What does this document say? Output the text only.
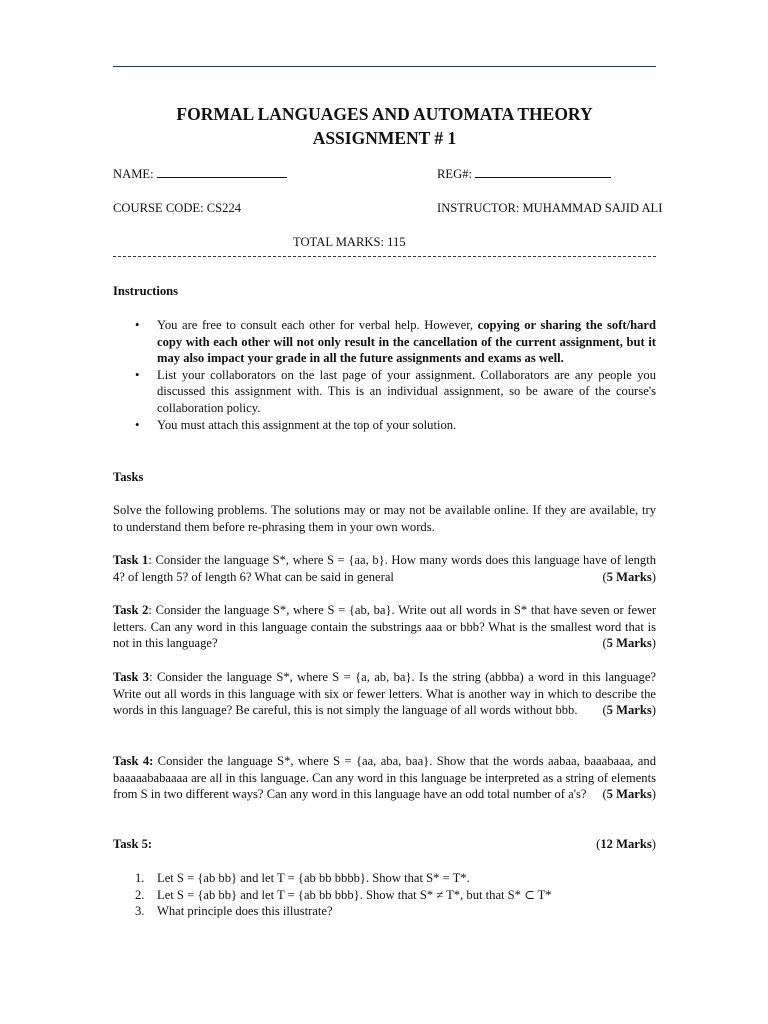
FORMAL LANGUAGES AND AUTOMATA THEORY
ASSIGNMENT # 1
NAME:	REG#:
COURSE CODE: CS224	INSTRUCTOR: MUHAMMAD SAJID ALI
TOTAL MARKS: 115
Instructions
• You are free to consult each other for verbal help. However, copying or sharing the soft/hard copy with each other will not only result in the cancellation of the current assignment, but it may also impact your grade in all the future assignments and exams as well.
• List your collaborators on the last page of your assignment. Collaborators are any people you discussed this assignment with. This is an individual assignment, so be aware of the course's collaboration policy.
• You must attach this assignment at the top of your solution.
Tasks
Solve the following problems. The solutions may or may not be available online. If they are available, try to understand them before re-phrasing them in your own words.
Task 1: Consider the language S*, where S = {aa, b}. How many words does this language have of length 4? of length 5? of length 6? What can be said in general	(5 Marks)
Task 2: Consider the language S*, where S = {ab, ba}. Write out all words in S* that have seven or fewer letters. Can any word in this language contain the substrings aaa or bbb? What is the smallest word that is not in this language?	(5 Marks)
Task 3: Consider the language S*, where S = {a, ab, ba}. Is the string (abbba) a word in this language? Write out all words in this language with six or fewer letters. What is another way in which to describe the words in this language? Be careful, this is not simply the language of all words without bbb. (5 Marks)
Task 4: Consider the language S*, where S = {aa, aba, baa}. Show that the words aabaa, baaabaaa, and baaaaababaaaa are all in this language. Can any word in this language be interpreted as a string of elements from S in two different ways? Can any word in this language have an odd total number of a's? (5 Marks)
Task 5:	(12 Marks)
1. Let S = {ab bb} and let T = {ab bb bbbb}. Show that S* = T*.
2. Let S = {ab bb} and let T = {ab bb bbb}. Show that S* ≠ T*, but that S* ⊂ T*
3. What principle does this illustrate?
